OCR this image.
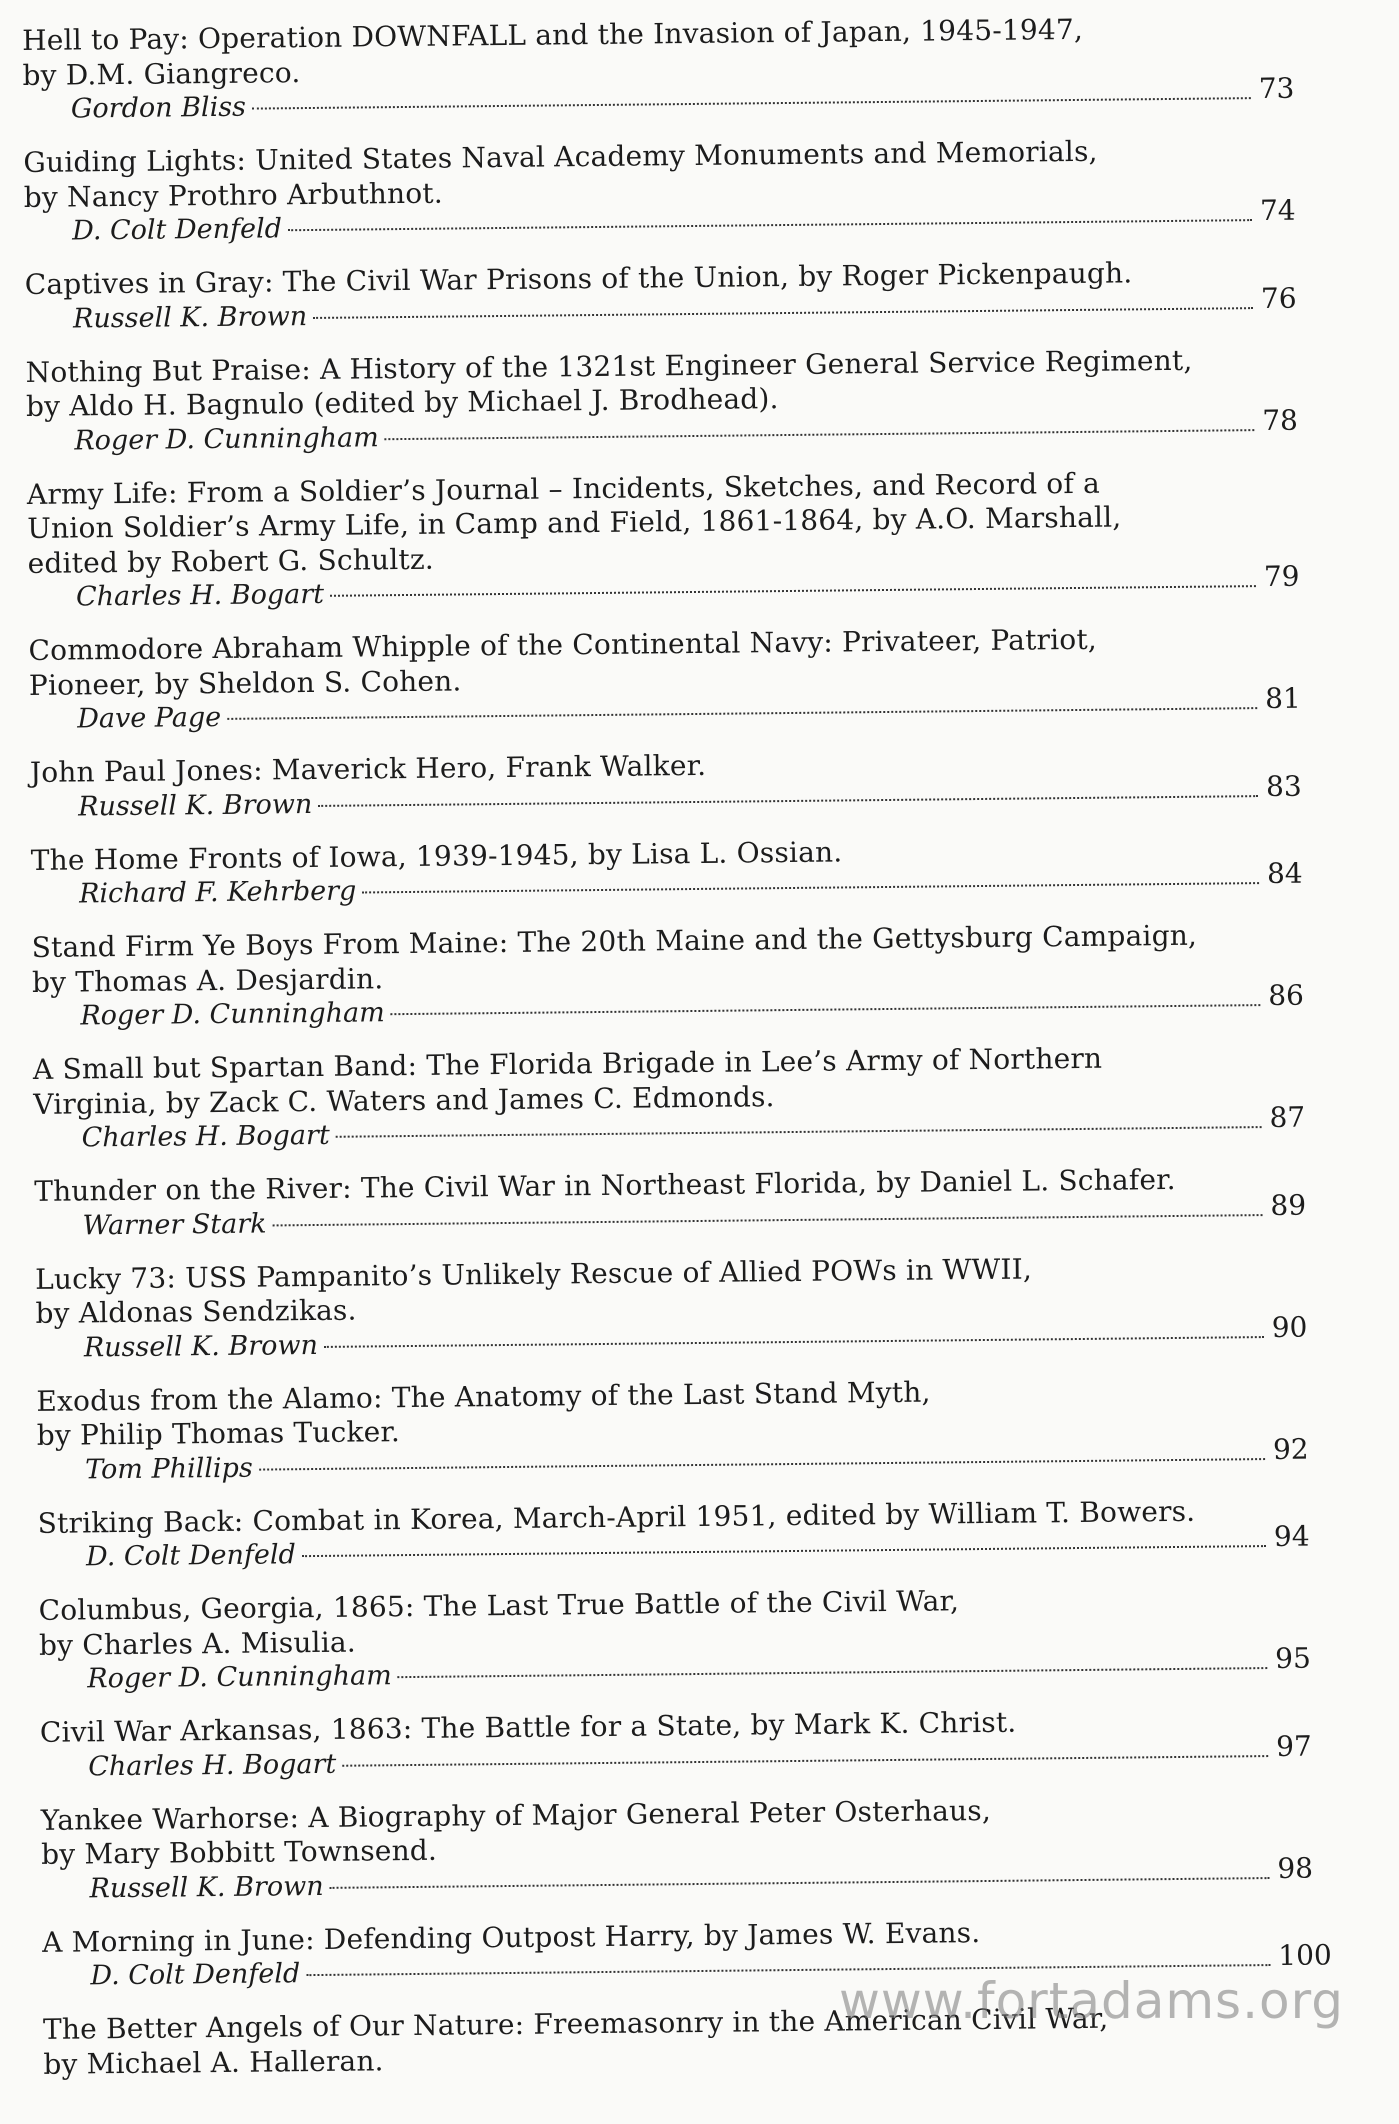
Hell to Pay: Operation DOWNFALL and the Invasion of Japan, 1945-1947,
by D.M. Giangreco.
Gordon Bliss
73
Guiding Lights: United States Naval Academy Monuments and Memorials,
by Nancy Prothro Arbuthnot.
D. Colt Denfeld
74
Captives in Gray: The Civil War Prisons of the Union, by Roger Pickenpaugh.
Russell K. Brown
76
Nothing But Praise: A History of the 1321st Engineer General Service Regiment,
by Aldo H. Bagnulo (edited by Michael J. Brodhead).
Roger D. Cunningham
78
Army Life: From a Soldier’s Journal – Incidents, Sketches, and Record of a
Union Soldier’s Army Life, in Camp and Field, 1861-1864, by A.O. Marshall,
edited by Robert G. Schultz.
Charles H. Bogart
79
Commodore Abraham Whipple of the Continental Navy: Privateer, Patriot,
Pioneer, by Sheldon S. Cohen.
Dave Page
81
John Paul Jones: Maverick Hero, Frank Walker.
Russell K. Brown
83
The Home Fronts of Iowa, 1939-1945, by Lisa L. Ossian.
Richard F. Kehrberg
84
Stand Firm Ye Boys From Maine: The 20th Maine and the Gettysburg Campaign,
by Thomas A. Desjardin.
Roger D. Cunningham
86
A Small but Spartan Band: The Florida Brigade in Lee’s Army of Northern
Virginia, by Zack C. Waters and James C. Edmonds.
Charles H. Bogart
87
Thunder on the River: The Civil War in Northeast Florida, by Daniel L. Schafer.
Warner Stark
89
Lucky 73: USS Pampanito’s Unlikely Rescue of Allied POWs in WWII,
by Aldonas Sendzikas.
Russell K. Brown
90
Exodus from the Alamo: The Anatomy of the Last Stand Myth,
by Philip Thomas Tucker.
Tom Phillips
92
Striking Back: Combat in Korea, March-April 1951, edited by William T. Bowers.
D. Colt Denfeld
94
Columbus, Georgia, 1865: The Last True Battle of the Civil War,
by Charles A. Misulia.
Roger D. Cunningham
95
Civil War Arkansas, 1863: The Battle for a State, by Mark K. Christ.
Charles H. Bogart
97
Yankee Warhorse: A Biography of Major General Peter Osterhaus,
by Mary Bobbitt Townsend.
Russell K. Brown
98
A Morning in June: Defending Outpost Harry, by James W. Evans.
D. Colt Denfeld
100
The Better Angels of Our Nature: Freemasonry in the American Civil War,
by Michael A. Halleran.
www.fortadams.org
